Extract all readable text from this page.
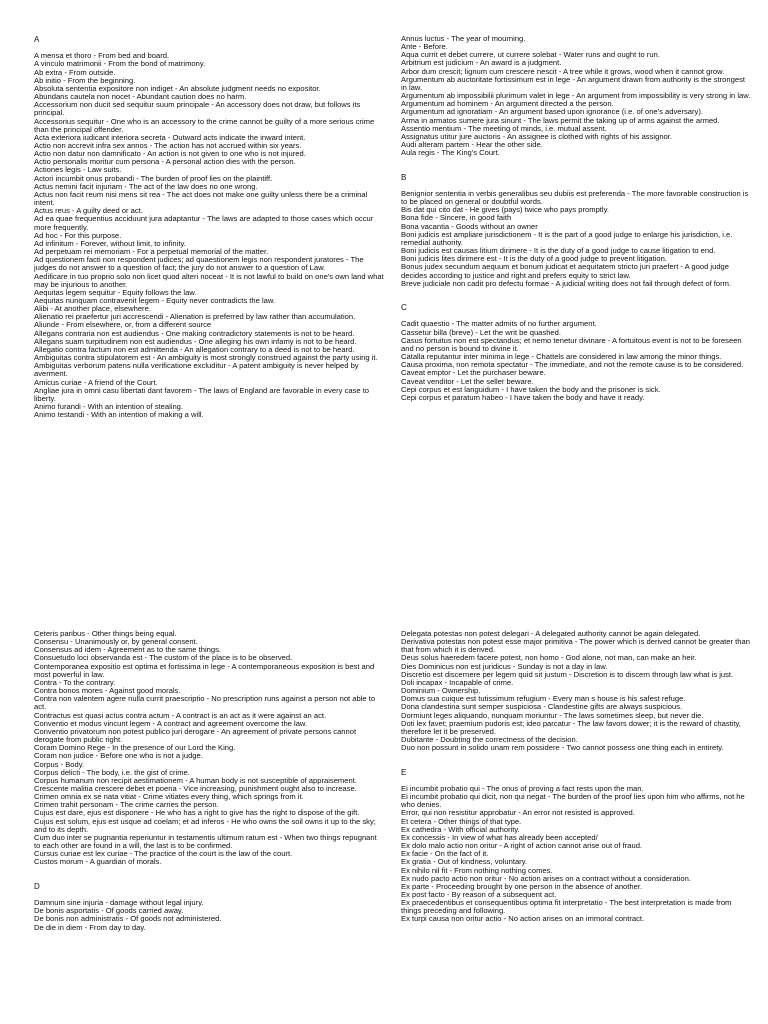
A

A mensa et thoro - From bed and board.

A vinculo matrimonii - From the bond of matrimony.

Ab extra - From outside.

Ab initio - From the beginning.

Absoluta sententia expositore non indiget - An absolute judgment needs no expositor.

Abundans cautela non nocet - Abundant caution does no harm.

Accessorium non ducit sed sequitur suum principale - An accessory does not draw, but follows its principal.

Accessorius sequitur - One who is an accessory to the crime cannot be guilty of a more serious crime than the principal offender.

Acta exteriora iudicant interiora secreta - Outward acts indicate the inward intent.

Actio non accrevit infra sex annos - The action has not accrued within six years.

Actio non datur non damnificato - An action is not given to one who is not injured.

Actio personalis moritur cum persona - A personal action dies with the person.

Actiones legis - Law suits.

Actori incumbit onus probandi - The burden of proof lies on the plaintiff.

Actus nemini facit injuriam - The act of the law does no one wrong.

Actus non facit reum nisi mens sit rea - The act does not make one guilty unless there be a criminal intent.

Actus reus - A guilty deed or act.

Ad ea quae frequentius acciduunt jura adaptantur - The laws are adapted to those cases which occur more frequently.

Ad hoc - For this purpose.

Ad infinitum - Forever, without limit, to infinity.

Ad perpetuam rei memoriam - For a perpetual memorial of the matter.

Ad questionem facti non respondent judices; ad quaestionem legis non respondent juratores - The judges do not answer to a question of fact; the jury do not answer to a question of Law.

Aedificare in tuo proprio solo non licet quod alteri noceat - It is not lawful to build on one's own land what may be injurious to another.

Aequitas legem sequitur - Equity follows the law.

Aequitas nunquam contravenit legem - Equity never contradicts the law.

Alibi - At another place, elsewhere.

Alienatio rei praefertur juri accrescendi - Alienation is preferred by law rather than accumulation.

Aliunde - From elsewhere, or, from a different source

Allegans contraria non est audiendus - One making contradictory statements is not to be heard.

Allegans suam turpitudinem non est audiendus - One alleging his own infamy is not to be heard.

Allegatio contra factum non est admittenda - An allegation contrary to a deed is not to be heard.

Ambiguitas contra stipulatorem est - An ambiguity is most strongly construed against the party using it.

Ambiguitas verborum patens nulla verificatione excluditur - A patent ambiguity is never helped by averment.

Amicus curiae - A friend of the Court.

Angliae jura in omni casu libertati dant favorem - The laws of England are favorable in every case to liberty.

Animo furandi - With an intention of stealing.

Animo testandi - With an intention of making a will.

Annus luctus - The year of mourning.

Ante - Before.

Aqua currit et debet currere, ut currere solebat - Water runs and ought to run.

Arbitrium est judicium - An award is a judgment.

Arbor dum crescit; lignum cum crescere nescit - A tree while it grows, wood when it cannot grow.

Argumentum ab auctoritate fortissimum est in lege - An argument drawn from authority is the strongest in law.

Argumentum ab impossibilii plurimum valet in lege - An argument from impossibility is very strong in law.

Argumentum ad hominem - An argument directed a the person.

Argumentum ad ignoratiam - An argument based upon ignorance (i.e. of one's adversary).

Arma in armatos sumere jura sinunt - The laws permit the taking up of arms against the armed.

Assentio mentium - The meeting of minds, i.e. mutual assent.

Assignatus utitur jure auctoris - An assignee is clothed with rights of his assignor.

Audi alteram partem - Hear the other side.

Aula regis - The King's Court.

B

Benignior sententia in verbis generalibus seu dubiis est preferenda - The more favorable construction is to be placed on general or doubtful words.

Bis dat qui cito dat - He gives (pays) twice who pays promptly.

Bona fide - Sincere, in good faith

Bona vacantia - Goods without an owner

Boni judicis est ampliare jurisdictionem - It is the part of a good judge to enlarge his jurisdiction, i.e. remedial authority.

Boni judicis est causas litium dirimere - It is the duty of a good judge to cause litigation to end.

Boni judicis lites dirimere est - It is the duty of a good judge to prevent litigation.

Bonus judex secundum aequum et bonum judicat et aequitatem stricto juri praefert - A good judge decides according to justice and right and prefers equity to strict law.

Breve judiciale non cadit pro defectu formae - A judicial writing does not fail through defect of form.

C

Cadit quaestio - The matter admits of no further argument.

Cassetur billa (breve) - Let the writ be quashed.

Casus fortuitus non est spectandus; et nemo tenetur divinare - A fortuitous event is not to be foreseen and no person is bound to divine it.

Catalla reputantur inter minima in lege - Chattels are considered in law among the minor things.

Causa proxima, non remota spectatur - The immediate, and not the remote cause is to be considered.

Caveat emptor - Let the purchaser beware.

Caveat venditor - Let the seller beware.

Cepi corpus et est languidum - I have taken the body and the prisoner is sick.

Cepi corpus et paratum habeo - I have taken the body and have it ready.

Ceteris paribus - Other things being equal.

Consensu - Unanimously or, by general consent.

Consensus ad idem - Agreement as to the same things.

Consuetudo loci observanda est - The custom of the place is to be observed.

Contemporanea expositio est optima et fortissima in lege - A contemporaneous exposition is best and most powerful in law.

Contra - To the contrary.

Contra bonos mores - Against good morals.

Contra non valentem agere nulla currit praescriptio - No prescription runs against a person not able to act.

Contractus est quasi actus contra actum - A contract is an act as it were against an act.

Conventio et modus vincunt legem - A contract and agreement overcome the law.

Conventio privatorum non potest publico juri derogare - An agreement of private persons cannot derogate from public right.

Coram Domino Rege - In the presence of our Lord the King.

Coram non judice - Before one who is not a judge.

Corpus - Body.

Corpus delicti - The body, i.e. the gist of crime.

Corpus humanum non recipit aestimationem - A human body is not susceptible of appraisement.

Crescente malitia crescere debet et poena - Vice increasing, punishment ought also to increase.

Crimen omnia ex se nata vitiat - Crime vitiates every thing, which springs from it.

Crimen trahit personam - The crime carries the person.

Cujus est dare, ejus est disponere - He who has a right to give has the right to dispose of the gift.

Cujus est solum, ejus est usque ad coelam; et ad inferos - He who owns the soil owns it up to the sky; and to its depth.

Cum duo inter se pugnantia reperiuntur in testamentis ultimum ratum est - When two things repugnant to each other are found in a will, the last is to be confirmed.

Cursus curiae est lex curiae - The practice of the court is the law of the court.

Custos morum - A guardian of morals.

D

Damnum sine injuria - damage without legal injury.

De bonis asportatis - Of goods carried away.

De bonis non administratis - Of goods not administered.

De die in diem - From day to day.

Delegata potestas non potest delegari - A delegated authority cannot be again delegated.

Derivativa potestas non potest esse major primitiva - The power which is derived cannot be greater than that from which it is derived.

Deus solus haeredem facere potest, non homo - God alone, not man, can make an heir.

Dies Dominicus non est juridicus - Sunday is not a day in law.

Discretio est discernere per legem quid sit justum - Discretion is to discern through law what is just.

Doli incapax - Incapable of crime.

Dominium - Ownership.

Domus sua cuique est tutissimum refugium - Every man s house is his safest refuge.

Dona clandestina sunt semper suspiciosa - Clandestine gifts are always suspicious.

Dormiunt leges aliquando, nunquam moriuntur - The laws sometimes sleep, but never die.

Doti lex favet; praemium pudoris est; ideo parcatur - The law favors dower; it is the reward of chastity, therefore let it be preserved.

Dubitante - Doubting the correctness of the decision.

Duo non possunt in solido unam rem possidere - Two cannot possess one thing each in entirety.

E

Ei incumbit probatio qui - The onus of proving a fact rests upon the man.

Ei incumbit probatio qui dicit, non qui negat - The burden of the proof lies upon him who affirms, not he who denies.

Error, qui non resistitur approbatur - An error not resisted is approved.

Et cetera - Other things of that type.

Ex cathedra - With official authority.

Ex concessis - In view of what has already been accepted/

Ex dolo malo actio non oritur - A right of action cannot arise out of fraud.

Ex facie - On the fact of it.

Ex gratia - Out of kindness, voluntary.

Ex nihilo nil fit - From nothing nothing comes.

Ex nudo pacto actio non oritur - No action arises on a contract without a consideration.

Ex parte - Proceeding brought by one person in the absence of another.

Ex post facto - By reason of a subsequent act.

Ex praecedentibus et consequentibus optima fit interpretatio - The best interpretation is made from things preceding and following.

Ex turpi causa non oritur actio - No action arises on an immoral contract.
